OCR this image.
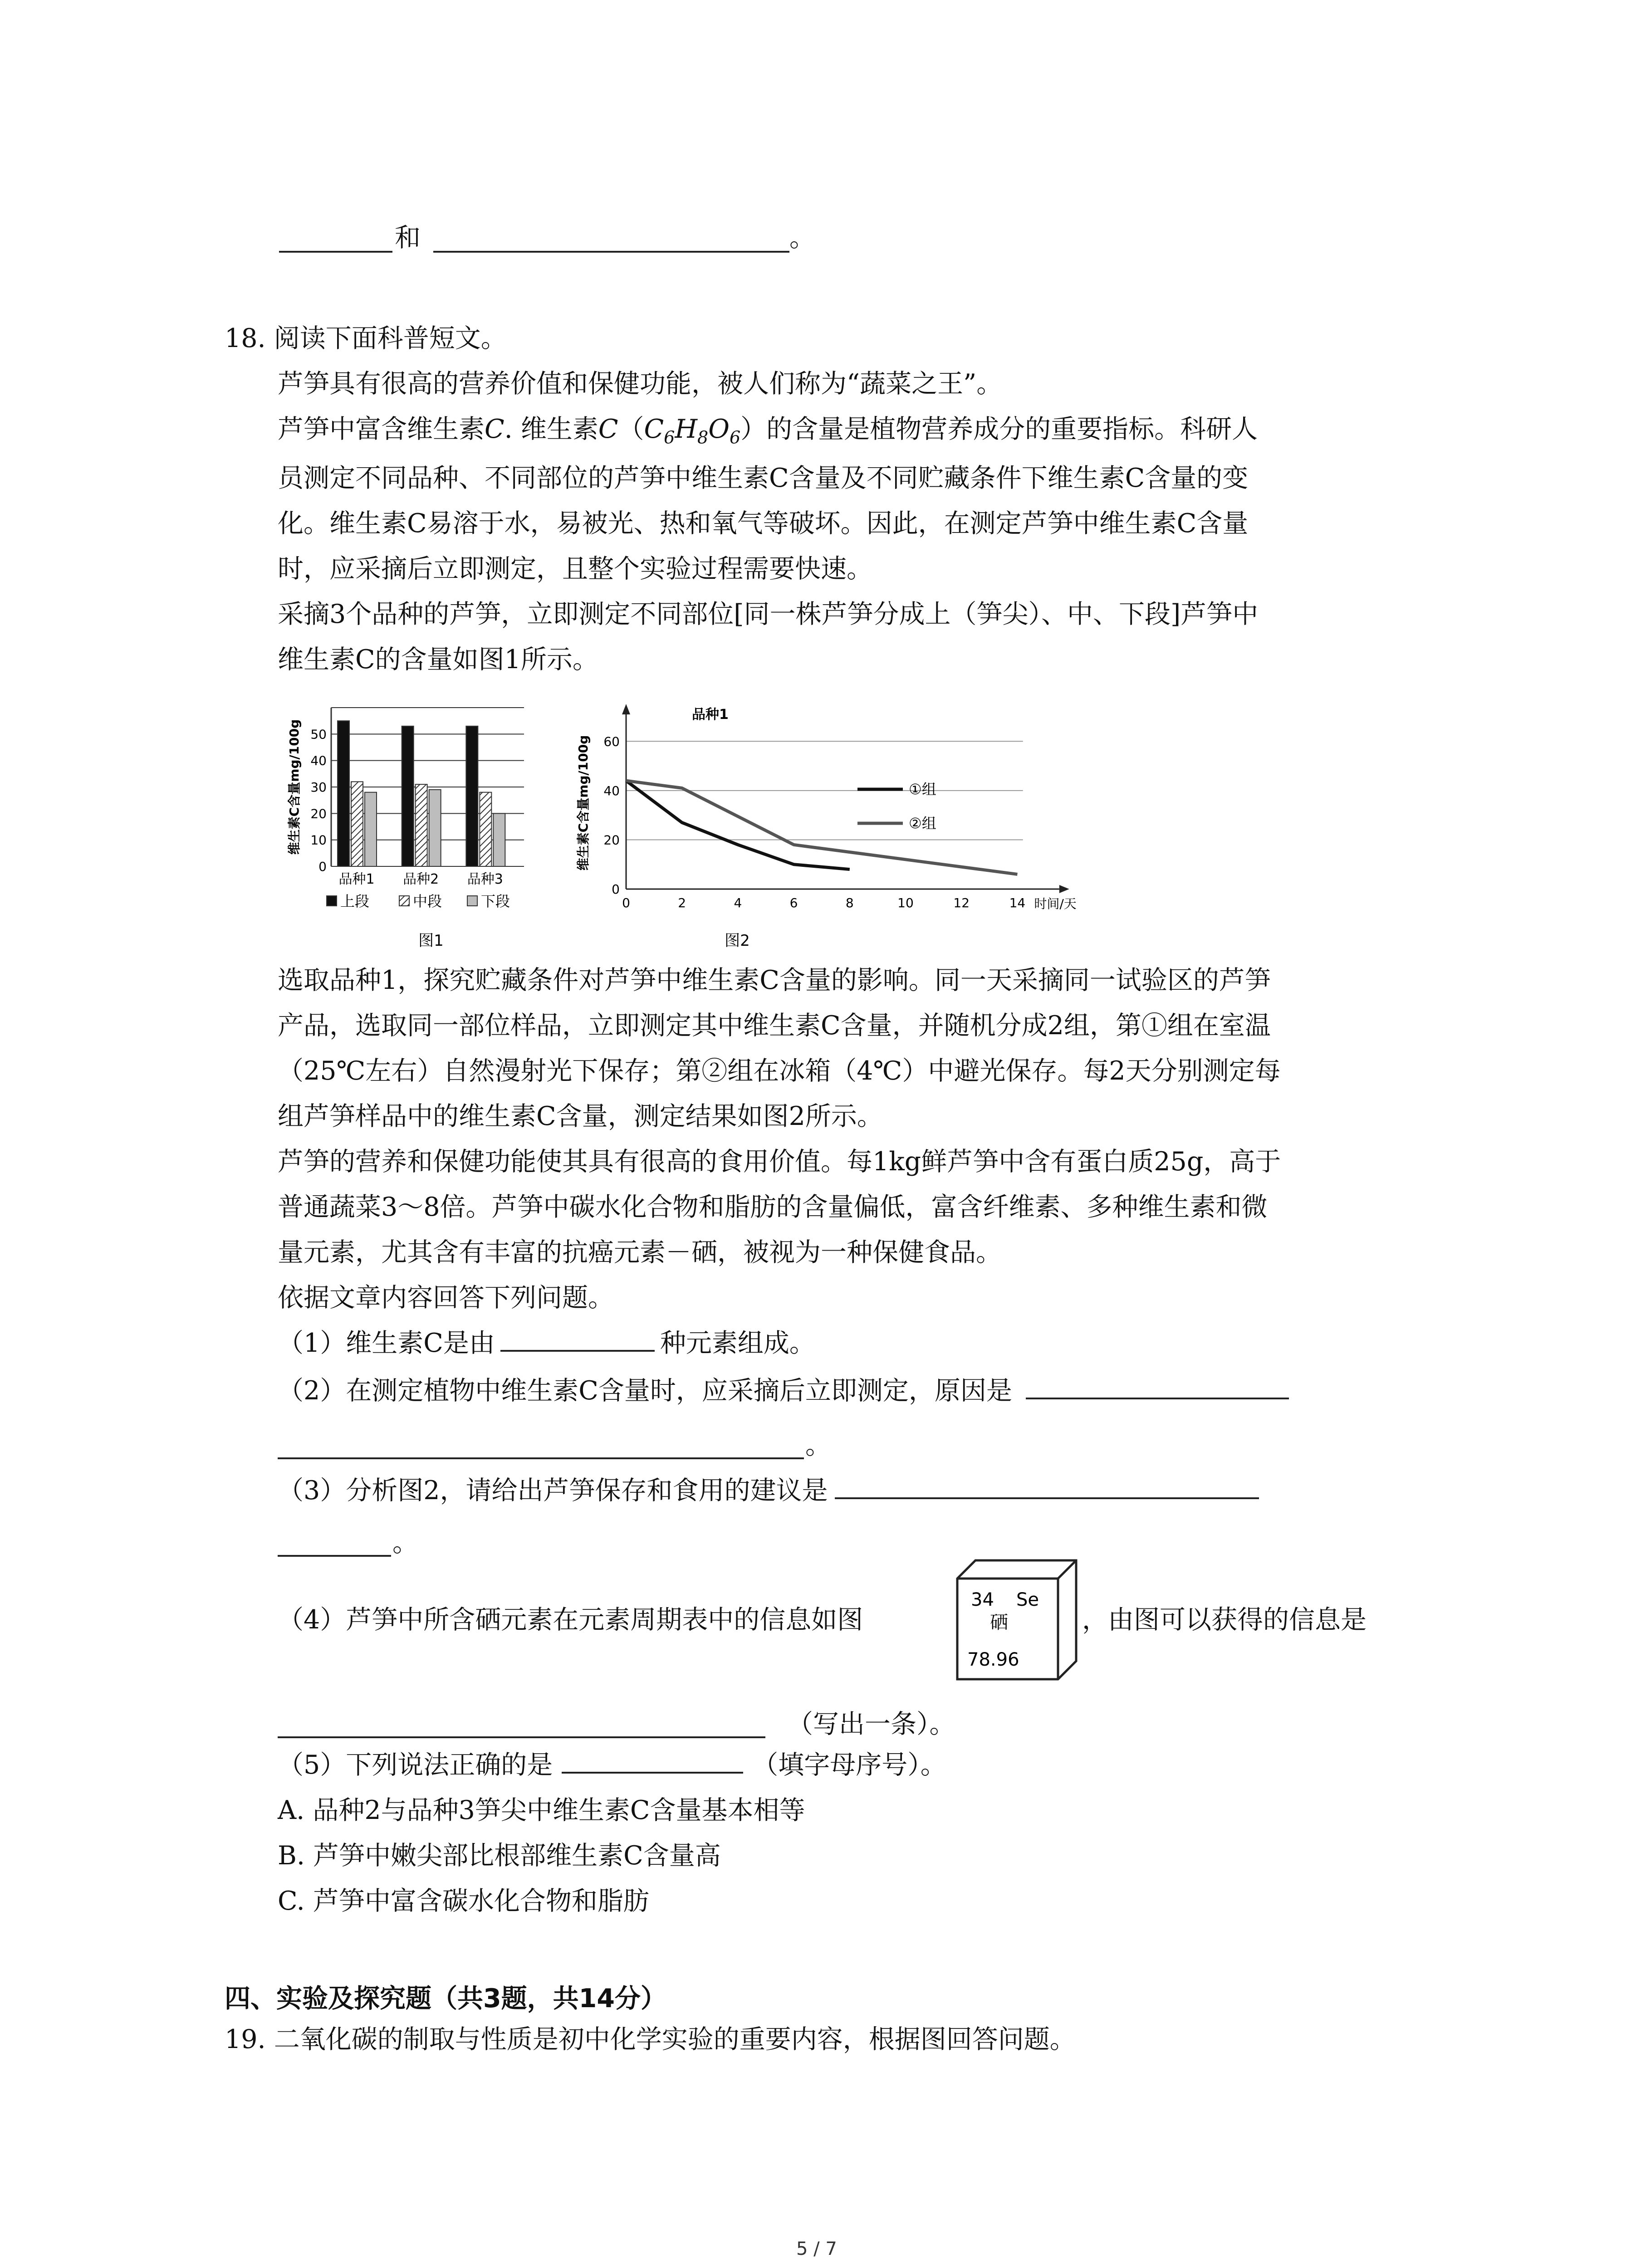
和	。
18. 阅读下面科普短文。
芦笋具有很高的营养价值和保健功能，被人们称为“蔬菜之王”。
芦笋中富含维生素C. 维生素$C(C_6H_8O_6)$的含量是植物营养成分的重要指标。科研人
员测定不同品种、不同部位的芦笋中维生素C含量及不同贮藏条件下维生素C含量的变
化。维生素C易溶于水，易被光、热和氧气等破坏。因此，在测定芦笋中维生素C含量
时，应采摘后立即测定，且整个实验过程需要快速。
采摘3个品种的芦笋，立即测定不同部位[同一株芦笋分成上（笋尖）、中、下段]芦笋中
维生素C的含量如图1所示。
0
10
20
30
40
50
维生素C含量mg/100g
品种1 品种2 品种3
上段	中段	下段
图1
0
20
40
60
0	2	4	6	8	10	12	14 时间/天
维生素C含量mg/100g
品种1
①组
②组
图2
选取品种1，探究贮藏条件对芦笋中维生素C含量的影响。同一天采摘同一试验区的芦笋
产品，选取同一部位样品，立即测定其中维生素C含量，并随机分成2组，第①组在室温
（25℃左右）自然漫射光下保存；第②组在冰箱（4℃）中避光保存。每2天分别测定每
组芦笋样品中的维生素C含量，测定结果如图2所示。
芦笋的营养和保健功能使其具有很高的食用价值。每1kg鲜芦笋中含有蛋白质25g，高于
普通蔬菜3～8倍。芦笋中碳水化合物和脂肪的含量偏低，富含纤维素、多种维生素和微
量元素，尤其含有丰富的抗癌元素－硒，被视为一种保健食品。
依据文章内容回答下列问题。
（1）维生素C是由	种元素组成。
（2）在测定植物中维生素C含量时，应采摘后立即测定，原因是
。
（3）分析图2，请给出芦笋保存和食用的建议是
。
（4）芦笋中所含硒元素在元素周期表中的信息如图
34 Se
硒
78.96
，由图可以获得的信息是
（写出一条）。
（5）下列说法正确的是	（填字母序号）。
A. 品种2与品种3笋尖中维生素C含量基本相等
B. 芦笋中嫩尖部比根部维生素C含量高
C. 芦笋中富含碳水化合物和脂肪
四、实验及探究题（共3题，共14分）
19. 二氧化碳的制取与性质是初中化学实验的重要内容，根据图回答问题。
5 / 7
